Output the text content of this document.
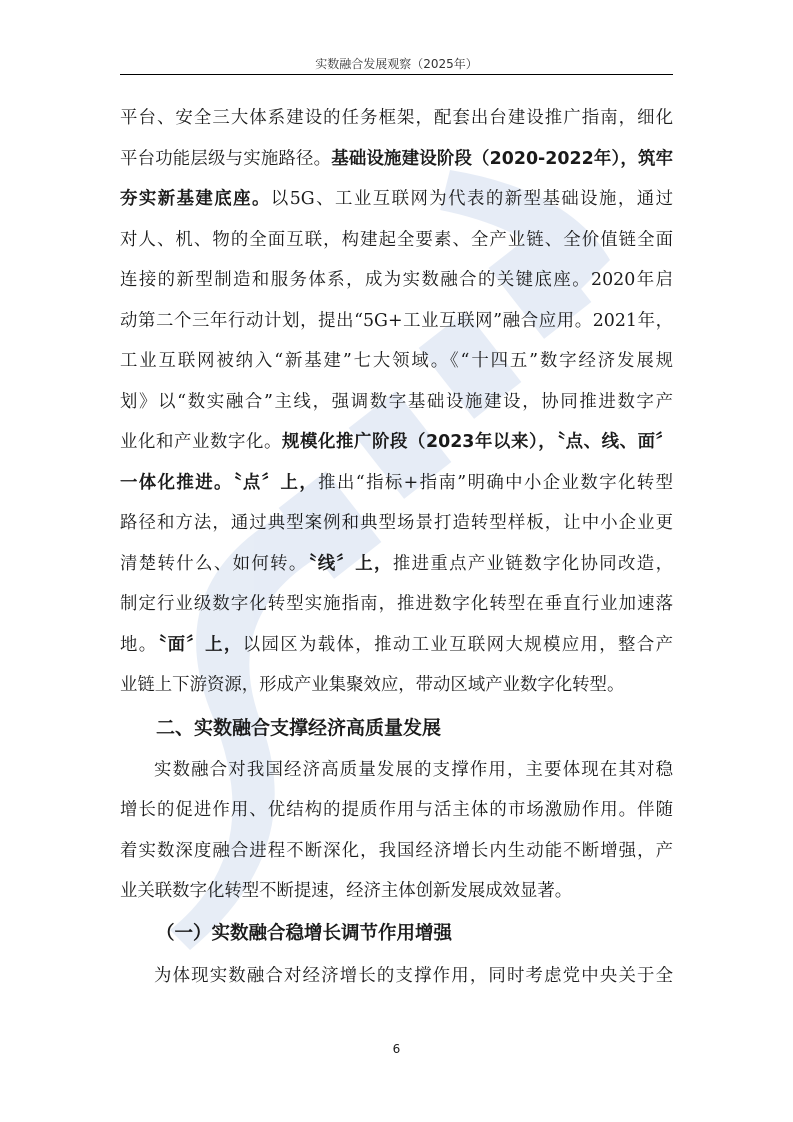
实数融合发展观察（2025年）
平台、安全三大体系建设的任务框架，配套出台建设推广指南，细化
平台功能层级与实施路径。基础设施建设阶段（2020-2022年），筑牢
夯实新基建底座。以5G、工业互联网为代表的新型基础设施，通过
对人、机、物的全面互联，构建起全要素、全产业链、全价值链全面
连接的新型制造和服务体系，成为实数融合的关键底座。2020年启
动第二个三年行动计划，提出“5G+工业互联网”融合应用。2021年，
工业互联网被纳入“新基建”七大领域。《“十四五”数字经济发展规
划》以“数实融合”主线，强调数字基础设施建设，协同推进数字产
业化和产业数字化。规模化推广阶段（2023年以来），〝点、线、面〞
一体化推进。〝点〞上，推出“指标+指南”明确中小企业数字化转型
路径和方法，通过典型案例和典型场景打造转型样板，让中小企业更
清楚转什么、如何转。〝线〞上，推进重点产业链数字化协同改造，
制定行业级数字化转型实施指南，推进数字化转型在垂直行业加速落
地。〝面〞上，以园区为载体，推动工业互联网大规模应用，整合产
业链上下游资源，形成产业集聚效应，带动区域产业数字化转型。
二、实数融合支撑经济高质量发展
实数融合对我国经济高质量发展的支撑作用，主要体现在其对稳
增长的促进作用、优结构的提质作用与活主体的市场激励作用。伴随
着实数深度融合进程不断深化，我国经济增长内生动能不断增强，产
业关联数字化转型不断提速，经济主体创新发展成效显著。
（一）实数融合稳增长调节作用增强
为体现实数融合对经济增长的支撑作用，同时考虑党中央关于全
6
